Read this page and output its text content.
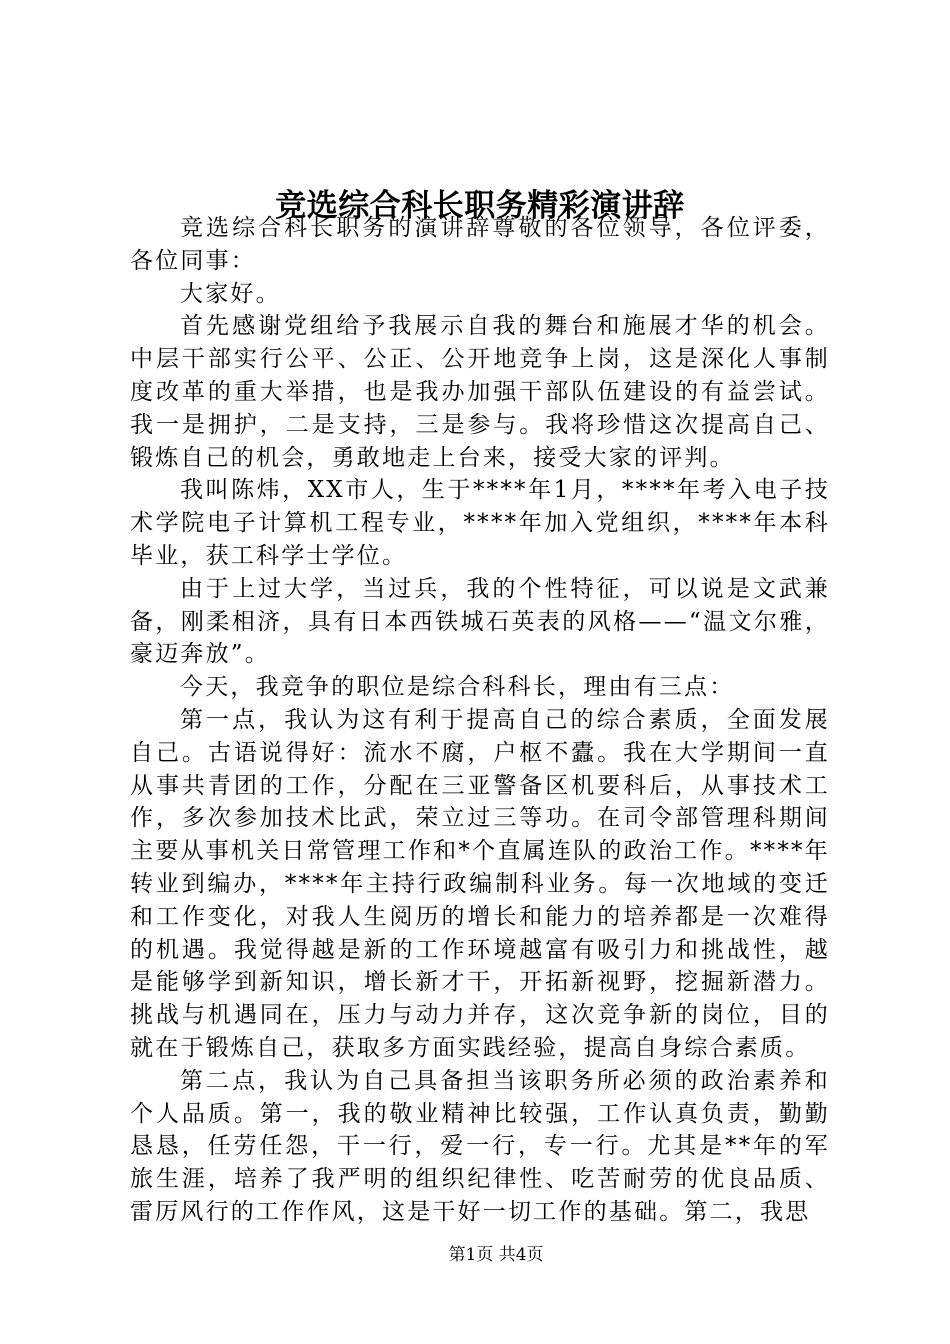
竞选综合科长职务精彩演讲辞

竞选综合科长职务的演讲辞尊敬的各位领导，各位评委，各位同事：

大家好。

首先感谢党组给予我展示自我的舞台和施展才华的机会。中层干部实行公平、公正、公开地竞争上岗，这是深化人事制度改革的重大举措，也是我办加强干部队伍建设的有益尝试。我一是拥护，二是支持，三是参与。我将珍惜这次提高自己、锻炼自己的机会，勇敢地走上台来，接受大家的评判。

我叫陈炜，XX市人，生于****年1月，****年考入电子技术学院电子计算机工程专业，****年加入党组织，****年本科毕业，获工科学士学位。

由于上过大学，当过兵，我的个性特征，可以说是文武兼备，刚柔相济，具有日本西铁城石英表的风格——“温文尔雅，豪迈奔放”。

今天，我竞争的职位是综合科科长，理由有三点：

第一点，我认为这有利于提高自己的综合素质，全面发展自己。古语说得好：流水不腐，户枢不蠹。我在大学期间一直从事共青团的工作，分配在三亚警备区机要科后，从事技术工作，多次参加技术比武，荣立过三等功。在司令部管理科期间主要从事机关日常管理工作和*个直属连队的政治工作。****年转业到编办，****年主持行政编制科业务。每一次地域的变迁和工作变化，对我人生阅历的增长和能力的培养都是一次难得的机遇。我觉得越是新的工作环境越富有吸引力和挑战性，越是能够学到新知识，增长新才干，开拓新视野，挖掘新潜力。挑战与机遇同在，压力与动力并存，这次竞争新的岗位，目的就在于锻炼自己，获取多方面实践经验，提高自身综合素质。

第二点，我认为自己具备担当该职务所必须的政治素养和个人品质。第一，我的敬业精神比较强，工作认真负责，勤勤恳恳，任劳任怨，干一行，爱一行，专一行。尤其是**年的军旅生涯，培养了我严明的组织纪律性、吃苦耐劳的优良品质、雷厉风行的工作作风，这是干好一切工作的基础。第二，我思

第1页 共4页
